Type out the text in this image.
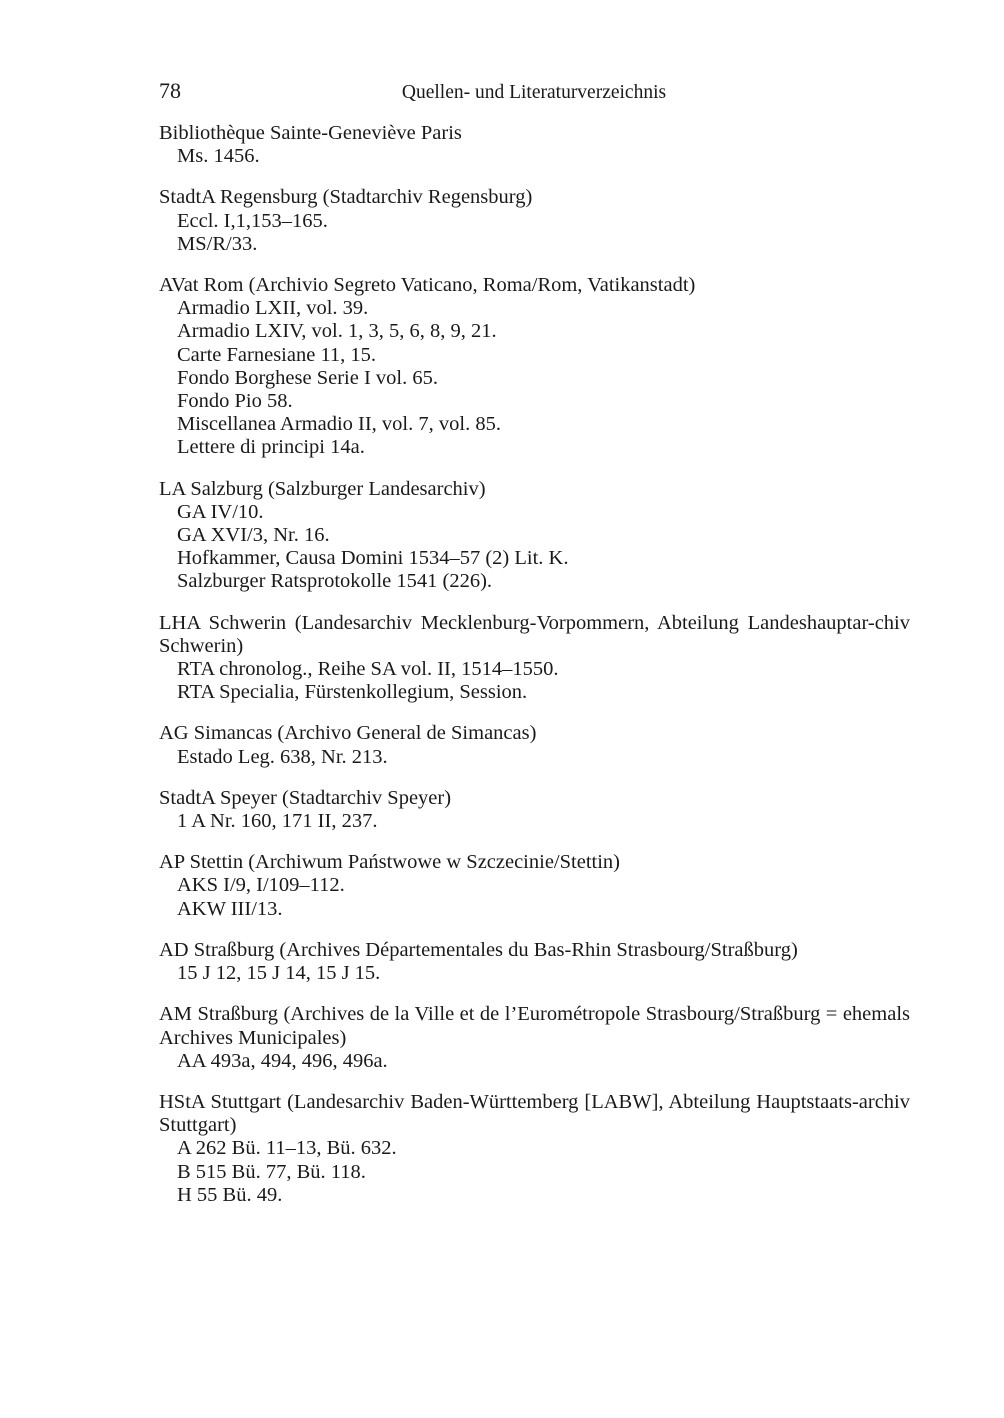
78	Quellen- und Literaturverzeichnis
Bibliothèque Sainte-Geneviève Paris
Ms. 1456.
StadtA Regensburg (Stadtarchiv Regensburg)
Eccl. I,1,153–165.
MS/R/33.
AVat Rom (Archivio Segreto Vaticano, Roma/Rom, Vatikanstadt)
Armadio LXII, vol. 39.
Armadio LXIV, vol. 1, 3, 5, 6, 8, 9, 21.
Carte Farnesiane 11, 15.
Fondo Borghese Serie I vol. 65.
Fondo Pio 58.
Miscellanea Armadio II, vol. 7, vol. 85.
Lettere di principi 14a.
LA Salzburg (Salzburger Landesarchiv)
GA IV/10.
GA XVI/3, Nr. 16.
Hofkammer, Causa Domini 1534–57 (2) Lit. K.
Salzburger Ratsprotokolle 1541 (226).
LHA Schwerin (Landesarchiv Mecklenburg-Vorpommern, Abteilung Landeshauptar-chiv Schwerin)
RTA chronolog., Reihe SA vol. II, 1514–1550.
RTA Specialia, Fürstenkollegium, Session.
AG Simancas (Archivo General de Simancas)
Estado Leg. 638, Nr. 213.
StadtA Speyer (Stadtarchiv Speyer)
1 A Nr. 160, 171 II, 237.
AP Stettin (Archiwum Państwowe w Szczecinie/Stettin)
AKS I/9, I/109–112.
AKW III/13.
AD Straßburg (Archives Départementales du Bas-Rhin Strasbourg/Straßburg)
15 J 12, 15 J 14, 15 J 15.
AM Straßburg (Archives de la Ville et de l’Eurométropole Strasbourg/Straßburg = ehemals Archives Municipales)
AA 493a, 494, 496, 496a.
HStA Stuttgart (Landesarchiv Baden-Württemberg [LABW], Abteilung Hauptstaats-archiv Stuttgart)
A 262 Bü. 11–13, Bü. 632.
B 515 Bü. 77, Bü. 118.
H 55 Bü. 49.
